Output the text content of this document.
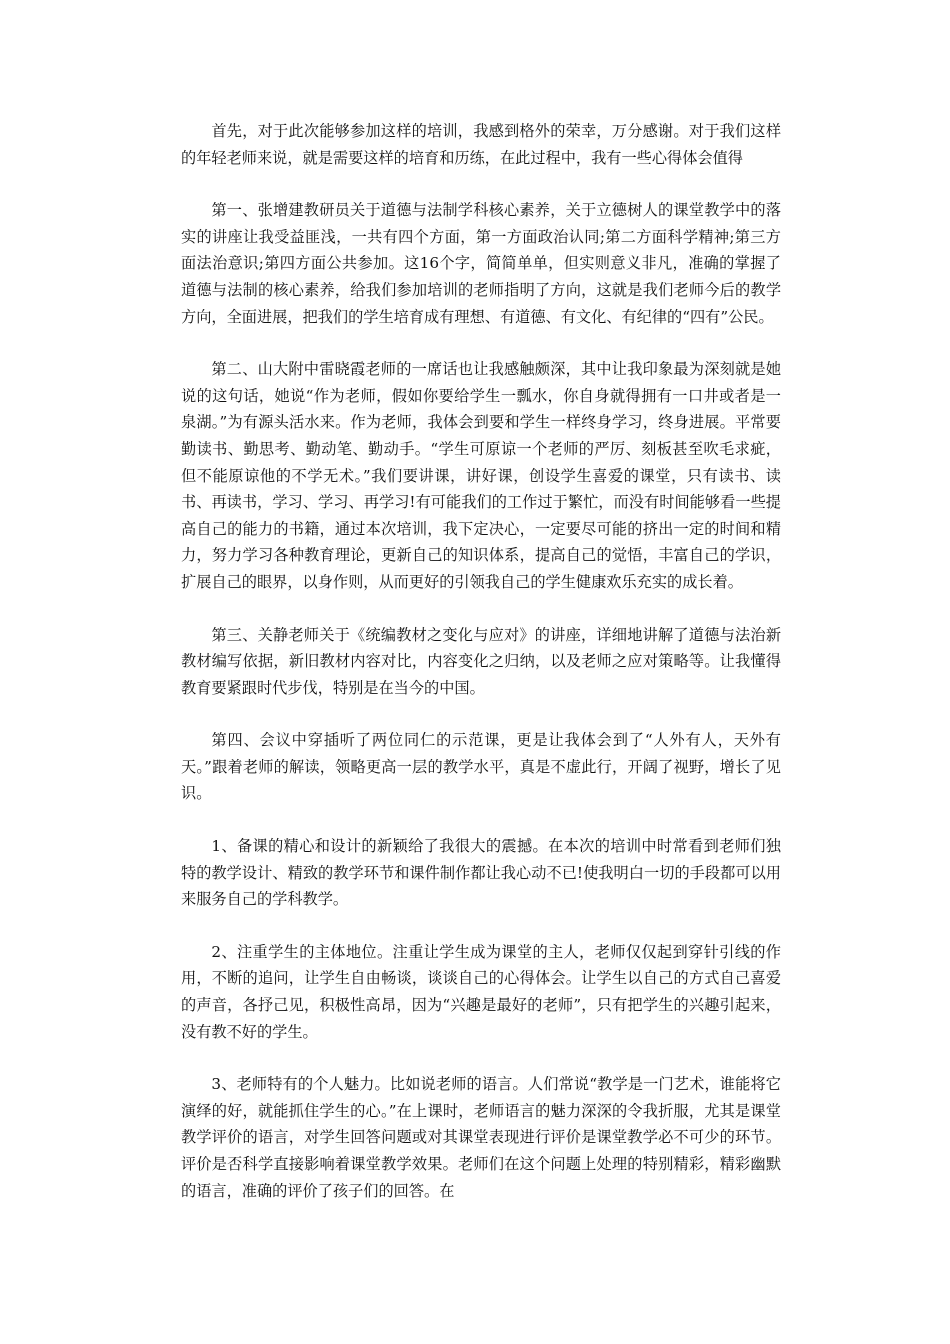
首先，对于此次能够参加这样的培训，我感到格外的荣幸，万分感谢。对于我们这样的年轻老师来说，就是需要这样的培育和历练，在此过程中，我有一些心得体会值得

第一、张增建教研员关于道德与法制学科核心素养，关于立德树人的课堂教学中的落实的讲座让我受益匪浅，一共有四个方面，第一方面政治认同;第二方面科学精神;第三方面法治意识;第四方面公共参加。这16个字，简简单单，但实则意义非凡，准确的掌握了道德与法制的核心素养，给我们参加培训的老师指明了方向，这就是我们老师今后的教学方向，全面进展，把我们的学生培育成有理想、有道德、有文化、有纪律的“四有”公民。

第二、山大附中雷晓霞老师的一席话也让我感触颇深，其中让我印象最为深刻就是她说的这句话，她说“作为老师，假如你要给学生一瓢水，你自身就得拥有一口井或者是一泉湖。”为有源头活水来。作为老师，我体会到要和学生一样终身学习，终身进展。平常要勤读书、勤思考、勤动笔、勤动手。“学生可原谅一个老师的严厉、刻板甚至吹毛求疵，但不能原谅他的不学无术。”我们要讲课，讲好课，创设学生喜爱的课堂，只有读书、读书、再读书，学习、学习、再学习!有可能我们的工作过于繁忙，而没有时间能够看一些提高自己的能力的书籍，通过本次培训，我下定决心，一定要尽可能的挤出一定的时间和精力，努力学习各种教育理论，更新自己的知识体系，提高自己的觉悟，丰富自己的学识，扩展自己的眼界，以身作则，从而更好的引领我自己的学生健康欢乐充实的成长着。

第三、关静老师关于《统编教材之变化与应对》的讲座，详细地讲解了道德与法治新教材编写依据，新旧教材内容对比，内容变化之归纳，以及老师之应对策略等。让我懂得教育要紧跟时代步伐，特别是在当今的中国。

第四、会议中穿插听了两位同仁的示范课，更是让我体会到了“人外有人，天外有天。”跟着老师的解读，领略更高一层的教学水平，真是不虚此行，开阔了视野，增长了见识。

1、备课的精心和设计的新颖给了我很大的震撼。在本次的培训中时常看到老师们独特的教学设计、精致的教学环节和课件制作都让我心动不已!使我明白一切的手段都可以用来服务自己的学科教学。

2、注重学生的主体地位。注重让学生成为课堂的主人，老师仅仅起到穿针引线的作用，不断的追问，让学生自由畅谈，谈谈自己的心得体会。让学生以自己的方式自己喜爱的声音，各抒己见，积极性高昂，因为“兴趣是最好的老师”，只有把学生的兴趣引起来，没有教不好的学生。

3、老师特有的个人魅力。比如说老师的语言。人们常说“教学是一门艺术，谁能将它演绎的好，就能抓住学生的心。”在上课时，老师语言的魅力深深的令我折服，尤其是课堂教学评价的语言，对学生回答问题或对其课堂表现进行评价是课堂教学必不可少的环节。评价是否科学直接影响着课堂教学效果。老师们在这个问题上处理的特别精彩，精彩幽默的语言，准确的评价了孩子们的回答。在
